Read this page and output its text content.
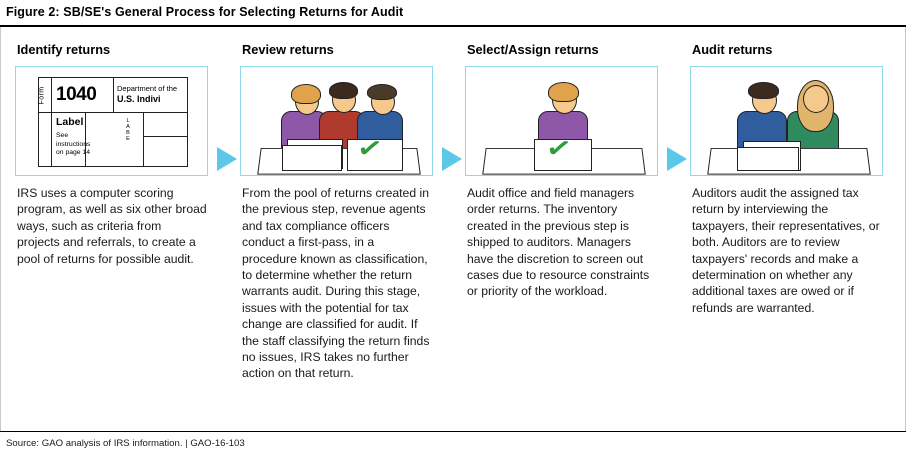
Figure 2: SB/SE's General Process for Selecting Returns for Audit
Identify returns
Form 1040	Department of the
U.S. Indivi
Label
See
instructions
on page 14
L
A
B
E
IRS uses a computer scoring program, as well as six other broad ways, such as criteria from projects and referrals, to create a pool of returns for possible audit.
Review returns
✓
From the pool of returns created in the previous step, revenue agents and tax compliance officers conduct a first-pass, in a procedure known as classification, to determine whether the return warrants audit. During this stage, issues with the potential for tax change are classified for audit. If the staff classifying the return finds no issues, IRS takes no further action on that return.
Select/Assign returns
✓
Audit office and field managers order returns. The inventory created in the previous step is shipped to auditors. Managers have the discretion to screen out cases due to resource constraints or priority of the workload.
Audit returns
Auditors audit the assigned tax return by interviewing the taxpayers, their representatives, or both. Auditors are to review taxpayers' records and make a determination on whether any additional taxes are owed or if refunds are warranted.
Source: GAO analysis of IRS information. | GAO-16-103
